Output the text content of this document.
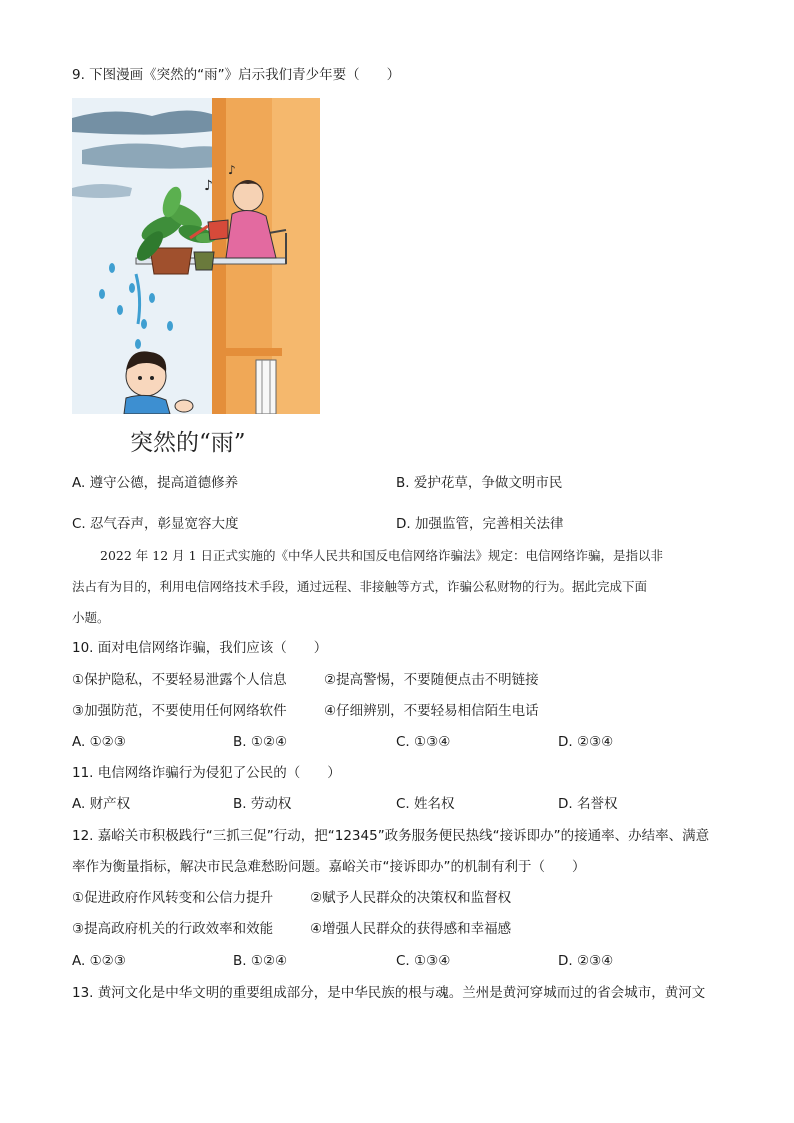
9. 下图漫画《突然的“雨”》启示我们青少年要（　　）
♪
♪
突然的“雨”
A. 遵守公德，提高道德修养	B. 爱护花草，争做文明市民
C. 忍气吞声，彰显宽容大度	D. 加强监管，完善相关法律
2022 年 12 月 1 日正式实施的《中华人民共和国反电信网络诈骗法》规定：电信网络诈骗，是指以非
法占有为目的，利用电信网络技术手段，通过远程、非接触等方式，诈骗公私财物的行为。据此完成下面
小题。
10. 面对电信网络诈骗，我们应该（　　）
①保护隐私，不要轻易泄露个人信息	②提高警惕，不要随便点击不明链接
③加强防范，不要使用任何网络软件	④仔细辨别，不要轻易相信陌生电话
A. ①②③	B. ①②④	C. ①③④	D. ②③④
11. 电信网络诈骗行为侵犯了公民的（　　）
A. 财产权	B. 劳动权	C. 姓名权	D. 名誉权
12. 嘉峪关市积极践行“三抓三促”行动，把“12345”政务服务便民热线“接诉即办”的接通率、办结率、满意
率作为衡量指标，解决市民急难愁盼问题。嘉峪关市“接诉即办”的机制有利于（　　）
①促进政府作风转变和公信力提升	②赋予人民群众的决策权和监督权
③提高政府机关的行政效率和效能	④增强人民群众的获得感和幸福感
A. ①②③	B. ①②④	C. ①③④	D. ②③④
13. 黄河文化是中华文明的重要组成部分，是中华民族的根与魂。兰州是黄河穿城而过的省会城市，黄河文
